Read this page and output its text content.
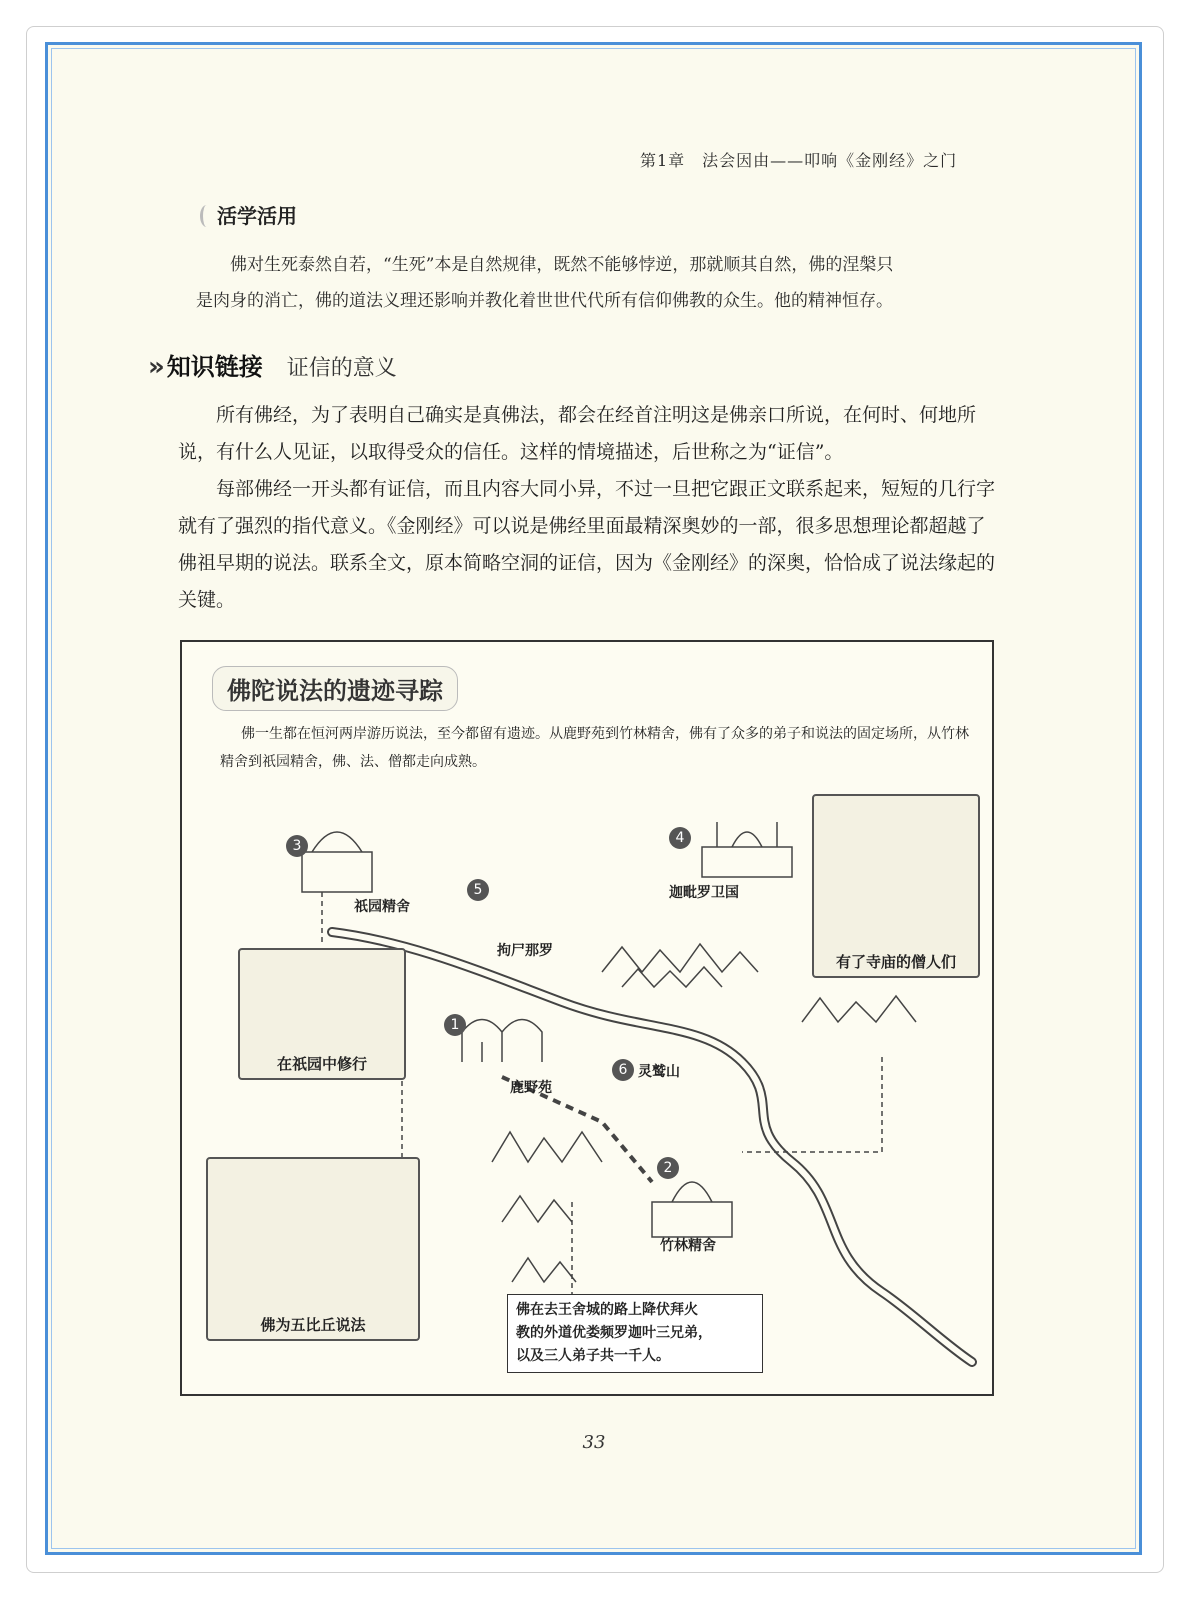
第1章　法会因由——叩响《金刚经》之门
活学活用

佛对生死泰然自若，“生死”本是自然规律，既然不能够悖逆，那就顺其自然，佛的涅槃只

是肉身的消亡，佛的道法义理还影响并教化着世世代代所有信仰佛教的众生。他的精神恒存。

»知识链接 证信的意义

所有佛经，为了表明自己确实是真佛法，都会在经首注明这是佛亲口所说，在何时、何地所说，有什么人见证，以取得受众的信任。这样的情境描述，后世称之为“证信”。

每部佛经一开头都有证信，而且内容大同小异，不过一旦把它跟正文联系起来，短短的几行字就有了强烈的指代意义。《金刚经》可以说是佛经里面最精深奥妙的一部，很多思想理论都超越了佛祖早期的说法。联系全文，原本简略空洞的证信，因为《金刚经》的深奥，恰恰成了说法缘起的关键。

佛陀说法的遗迹寻踪

佛一生都在恒河两岸游历说法，至今都留有遗迹。从鹿野苑到竹林精舍，佛有了众多的弟子和说法的固定场所，从竹林精舍到祇园精舍，佛、法、僧都走向成熟。

3
5
4
1
6
2
祇园精舍
拘尸那罗
迦毗罗卫国
鹿野苑
灵鹫山
竹林精舍
有了寺庙的僧人们
在祇园中修行
佛为五比丘说法

佛在去王舍城的路上降伏拜火

教的外道优娄频罗迦叶三兄弟，

以及三人弟子共一千人。

33
